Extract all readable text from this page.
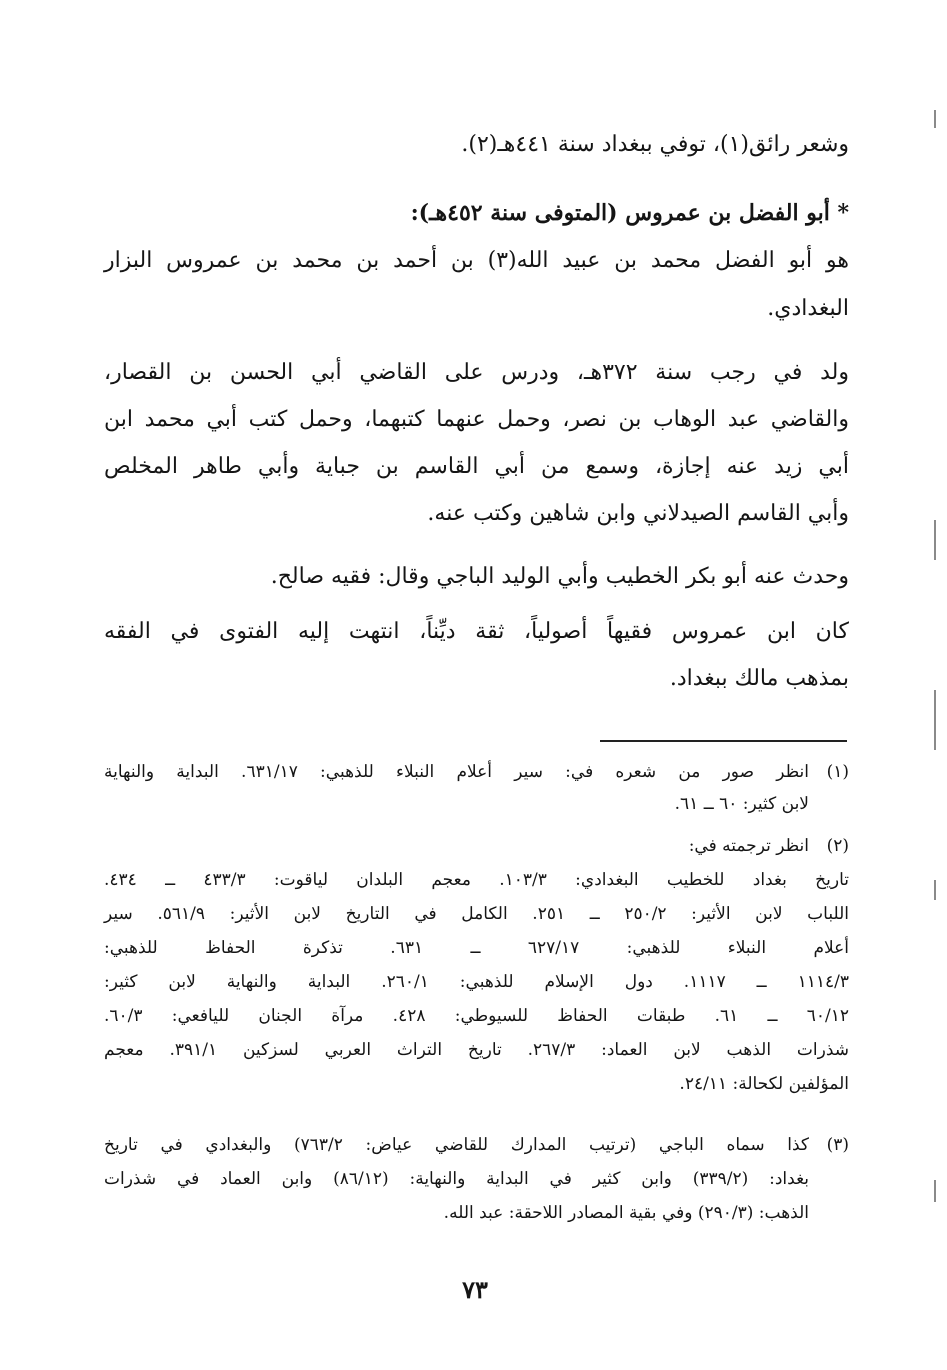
وشعر رائق(١)، توفي ببغداد سنة ٤٤١هـ(٢).
* أبو الفضل بن عمروس (المتوفى سنة ٤٥٢هـ):
هو أبو الفضل محمد بن عبيد الله(٣) بن أحمد بن محمد بن عمروس البزار
البغدادي.
ولد في رجب سنة ٣٧٢هـ، ودرس على القاضي أبي الحسن بن القصار،
والقاضي عبد الوهاب بن نصر، وحمل عنهما كتبهما، وحمل كتب أبي محمد ابن
أبي زيد عنه إجازة، وسمع من أبي القاسم بن جباية وأبي طاهر المخلص
وأبي القاسم الصيدلاني وابن شاهين وكتب عنه.
وحدث عنه أبو بكر الخطيب وأبي الوليد الباجي وقال: فقيه صالح.
كان ابن عمروس فقيهاً أصولياً، ثقة ديِّناً، انتهت إليه الفتوى في الفقه
بمذهب مالك ببغداد.
(١)
انظر صور من شعره في: سير أعلام النبلاء للذهبي: ٦٣١/١٧. البداية والنهاية
لابن كثير: ٦٠ ــ ٦١.
(٢)
انظر ترجمته في:
تاريخ بغداد للخطيب البغدادي: ١٠٣/٣. معجم البلدان لياقوت: ٤٣٣/٣ ــ ٤٣٤.
اللباب لابن الأثير: ٢٥٠/٢ ــ ٢٥١. الكامل في التاريخ لابن الأثير: ٥٦١/٩. سير
أعلام النبلاء للذهبي: ٦٢٧/١٧ ــ ٦٣١. تذكرة الحفاظ للذهبي:
١١١٤/٣ ــ ١١١٧. دول الإسلام للذهبي: ٢٦٠/١. البداية والنهاية لابن كثير:
٦٠/١٢ ــ ٦١. طبقات الحفاظ للسيوطي: ٤٢٨. مرآة الجنان لليافعي: ٦٠/٣.
شذرات الذهب لابن العماد: ٢٦٧/٣. تاريخ التراث العربي لسزكين ٣٩١/١. معجم
المؤلفين لكحالة: ٢٤/١١.
(٣)
كذا سماه الباجي (ترتيب المدارك للقاضي عياض: ٧٦٣/٢) والبغدادي في تاريخ
بغداد: (٣٣٩/٢) وابن كثير في البداية والنهاية: (٨٦/١٢) وابن العماد في شذرات
الذهب: (٢٩٠/٣) وفي بقية المصادر اللاحقة: عبد الله.
٧٣
